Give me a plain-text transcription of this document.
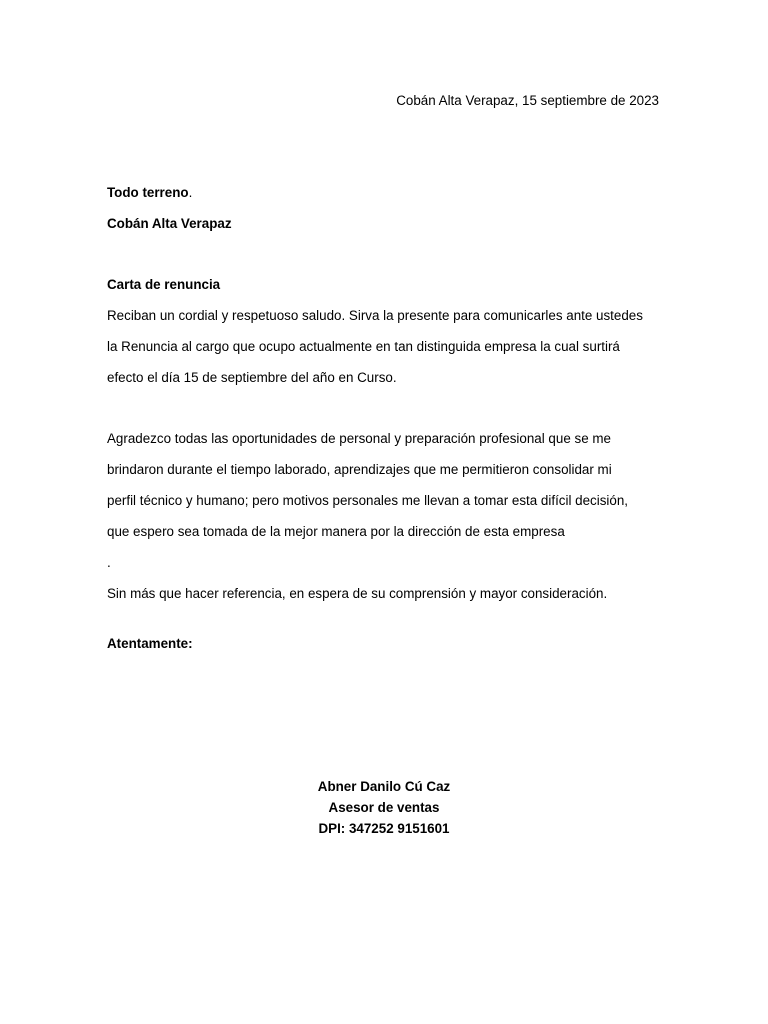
Cobán Alta Verapaz, 15 septiembre de 2023
Todo terreno.
Cobán Alta Verapaz
Carta de renuncia
Reciban un cordial y respetuoso saludo. Sirva la presente para comunicarles ante ustedes
la Renuncia al cargo que ocupo actualmente en tan distinguida empresa la cual surtirá
efecto el día 15 de septiembre del año en Curso.
Agradezco todas las oportunidades de personal y preparación profesional que se me
brindaron durante el tiempo laborado, aprendizajes que me permitieron consolidar mi
perfil técnico y humano; pero motivos personales me llevan a tomar esta difícil decisión,
que espero sea tomada de la mejor manera por la dirección de esta empresa
.
Sin más que hacer referencia, en espera de su comprensión y mayor consideración.
Atentamente:
Abner Danilo Cú Caz
Asesor de ventas
DPI: 347252 9151601
